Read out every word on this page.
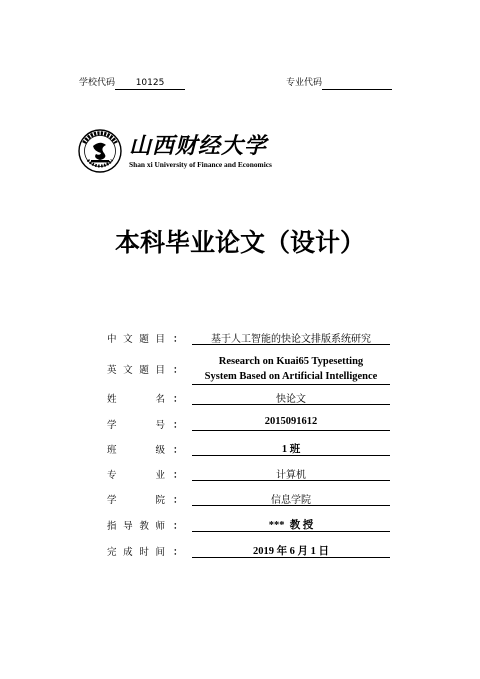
学校代码 10125	专业代码
山西财经大学
Shan xi University of Finance and Economics
本科毕业论文（设计）
中 文 题 目 ：	基于人工智能的快论文排版系统研究
英 文 题 目 ：
Research on Kuai65 Typesetting
System Based on Artificial Intelligence
姓	名 ：	快论文
学	号 ：	2015091612
班	级 ：	1 班
专	业 ：	计算机
学	院 ：	信息学院
指 导 教 师 ：	***  教 授
完 成 时 间 ：	2019 年 6 月 1 日
